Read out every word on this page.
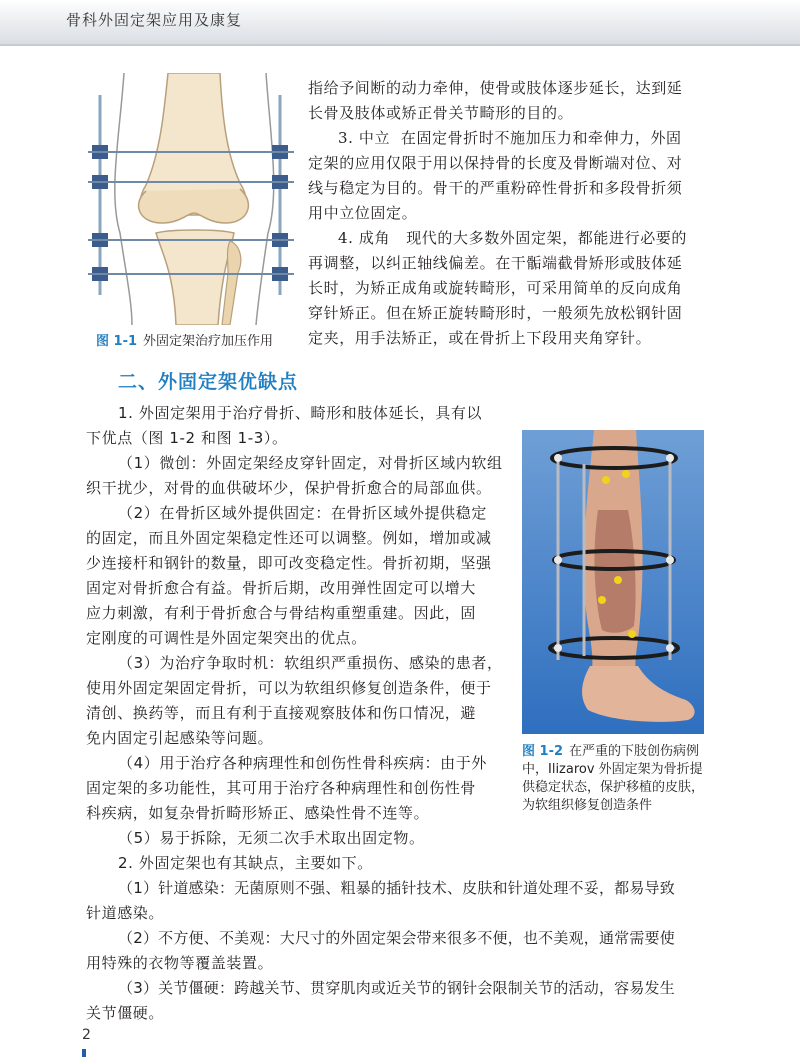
骨科外固定架应用及康复
图 1-1 外固定架治疗加压作用
指给予间断的动力牵伸，使骨或肢体逐步延长，达到延
长骨及肢体或矫正骨关节畸形的目的。
3. 中立 在固定骨折时不施加压力和牵伸力，外固
定架的应用仅限于用以保持骨的长度及骨断端对位、对
线与稳定为目的。骨干的严重粉碎性骨折和多段骨折须
用中立位固定。
4. 成角 现代的大多数外固定架，都能进行必要的
再调整，以纠正轴线偏差。在干骺端截骨矫形或肢体延
长时，为矫正成角或旋转畸形，可采用简单的反向成角
穿针矫正。但在矫正旋转畸形时，一般须先放松钢针固
定夹，用手法矫正，或在骨折上下段用夹角穿针。
二、外固定架优缺点
图 1-2 在严重的下肢创伤病例
中，Ilizarov 外固定架为骨折提
供稳定状态，保护移植的皮肤，
为软组织修复创造条件
1. 外固定架用于治疗骨折、畸形和肢体延长，具有以
下优点（图 1-2 和图 1-3）。
（1）微创：外固定架经皮穿针固定，对骨折区域内软组
织干扰少，对骨的血供破坏少，保护骨折愈合的局部血供。
（2）在骨折区域外提供固定：在骨折区域外提供稳定
的固定，而且外固定架稳定性还可以调整。例如，增加或减
少连接杆和钢针的数量，即可改变稳定性。骨折初期，坚强
固定对骨折愈合有益。骨折后期，改用弹性固定可以增大
应力刺激，有利于骨折愈合与骨结构重塑重建。因此，固
定刚度的可调性是外固定架突出的优点。
（3）为治疗争取时机：软组织严重损伤、感染的患者，
使用外固定架固定骨折，可以为软组织修复创造条件，便于
清创、换药等，而且有利于直接观察肢体和伤口情况，避
免内固定引起感染等问题。
（4）用于治疗各种病理性和创伤性骨科疾病：由于外
固定架的多功能性，其可用于治疗各种病理性和创伤性骨
科疾病，如复杂骨折畸形矫正、感染性骨不连等。
（5）易于拆除，无须二次手术取出固定物。
2. 外固定架也有其缺点，主要如下。
（1）针道感染：无菌原则不强、粗暴的插针技术、皮肤和针道处理不妥，都易导致
针道感染。
（2）不方便、不美观：大尺寸的外固定架会带来很多不便，也不美观，通常需要使
用特殊的衣物等覆盖装置。
（3）关节僵硬：跨越关节、贯穿肌肉或近关节的钢针会限制关节的活动，容易发生
关节僵硬。
2
